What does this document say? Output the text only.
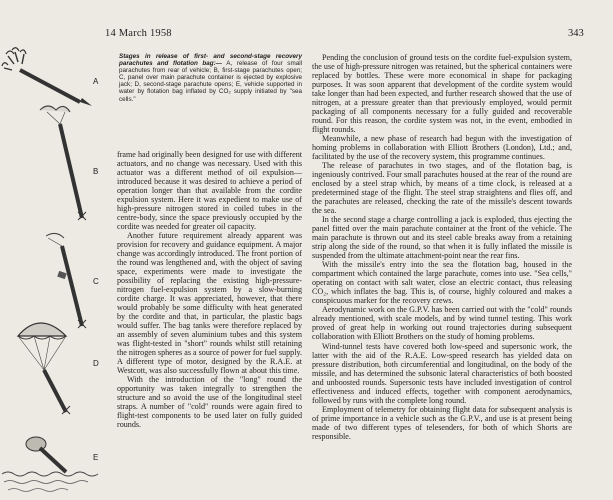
14 March 1958	343
A
B
C
D
E
Stages in release of first- and second-stage recovery parachutes and flotation bag:— A, release of four small parachutes from rear of vehicle; B, first-stage parachutes open; C, panel over main parachute container is ejected by explosive jack; D, second-stage parachute opens; E, vehicle supported in water by flotation bag inflated by CO₂ supply initiated by "sea cells."

frame had originally been designed for use with different actuators, and no change was necessary. Used with this actuator was a different method of oil expulsion—introduced because it was desired to achieve a period of operation longer than that available from the cordite expulsion system. Here it was expedient to make use of high-pressure nitrogen stored in coiled tubes in the centre-body, since the space previously occupied by the cordite was needed for greater oil capacity.

Another future requirement already apparent was provision for recovery and guidance equipment. A major change was accordingly introduced. The front portion of the round was lengthened and, with the object of saving space, experiments were made to investigate the possibility of replacing the existing high-pressure-nitrogen fuel-expulsion system by a slow-burning cordite charge. It was appreciated, however, that there would probably be some difficulty with heat generated by the cordite and that, in particular, the plastic bags would suffer. The bag tanks were therefore replaced by an assembly of seven aluminium tubes and this system was flight-tested in "short" rounds whilst still retaining the nitrogen spheres as a source of power for fuel supply. A different type of motor, designed by the R.A.E. at Westcott, was also successfully flown at about this time.

With the introduction of the "long" round the opportunity was taken integrally to strengthen the structure and so avoid the use of the longitudinal steel straps. A number of "cold" rounds were again fired to flight-test components to be used later on fully guided rounds.

Pending the conclusion of ground tests on the cordite fuel-expulsion system, the use of high-pressure nitrogen was retained, but the spherical containers were replaced by bottles. These were more economical in shape for packaging purposes. It was soon apparent that development of the cordite system would take longer than had been expected, and further research showed that the use of nitrogen, at a pressure greater than that previously employed, would permit packaging of all components necessary for a fully guided and recoverable round. For this reason, the cordite system was not, in the event, embodied in flight rounds.

Meanwhile, a new phase of research had begun with the investigation of homing problems in collaboration with Elliott Brothers (London), Ltd.; and, facilitated by the use of the recovery system, this programme continues.

The release of parachutes in two stages, and of the flotation bag, is ingeniously contrived. Four small parachutes housed at the rear of the round are enclosed by a steel strap which, by means of a time clock, is released at a predetermined stage of the flight. The steel strap straightens and flies off, and the parachutes are released, checking the rate of the missile's descent towards the sea.

In the second stage a charge controlling a jack is exploded, thus ejecting the panel fitted over the main parachute container at the front of the vehicle. The main parachute is thrown out and its steel cable breaks away from a retaining strip along the side of the round, so that when it is fully inflated the missile is suspended from the ultimate attachment-point near the rear fins.

With the missile's entry into the sea the flotation bag, housed in the compartment which contained the large parachute, comes into use. "Sea cells," operating on contact with salt water, close an electric contact, thus releasing CO₂, which inflates the bag. This is, of course, highly coloured and makes a conspicuous marker for the recovery crews.

Aerodynamic work on the G.P.V. has been carried out with the "cold" rounds already mentioned, with scale models, and by wind tunnel testing. This work proved of great help in working out round trajectories during subsequent collaboration with Elliott Brothers on the study of homing problems.

Wind-tunnel tests have covered both low-speed and supersonic work, the latter with the aid of the R.A.E. Low-speed research has yielded data on pressure distribution, both circumferential and longitudinal, on the body of the missile, and has determined the subsonic lateral characteristics of both boosted and unboosted rounds. Supersonic tests have included investigation of control effectiveness and induced effects, together with component aerodynamics, followed by runs with the complete long round.

Employment of telemetry for obtaining flight data for subsequent analysis is of prime importance in a vehicle such as the G.P.V., and use is at present being made of two different types of telesenders, for both of which Shorts are responsible.
